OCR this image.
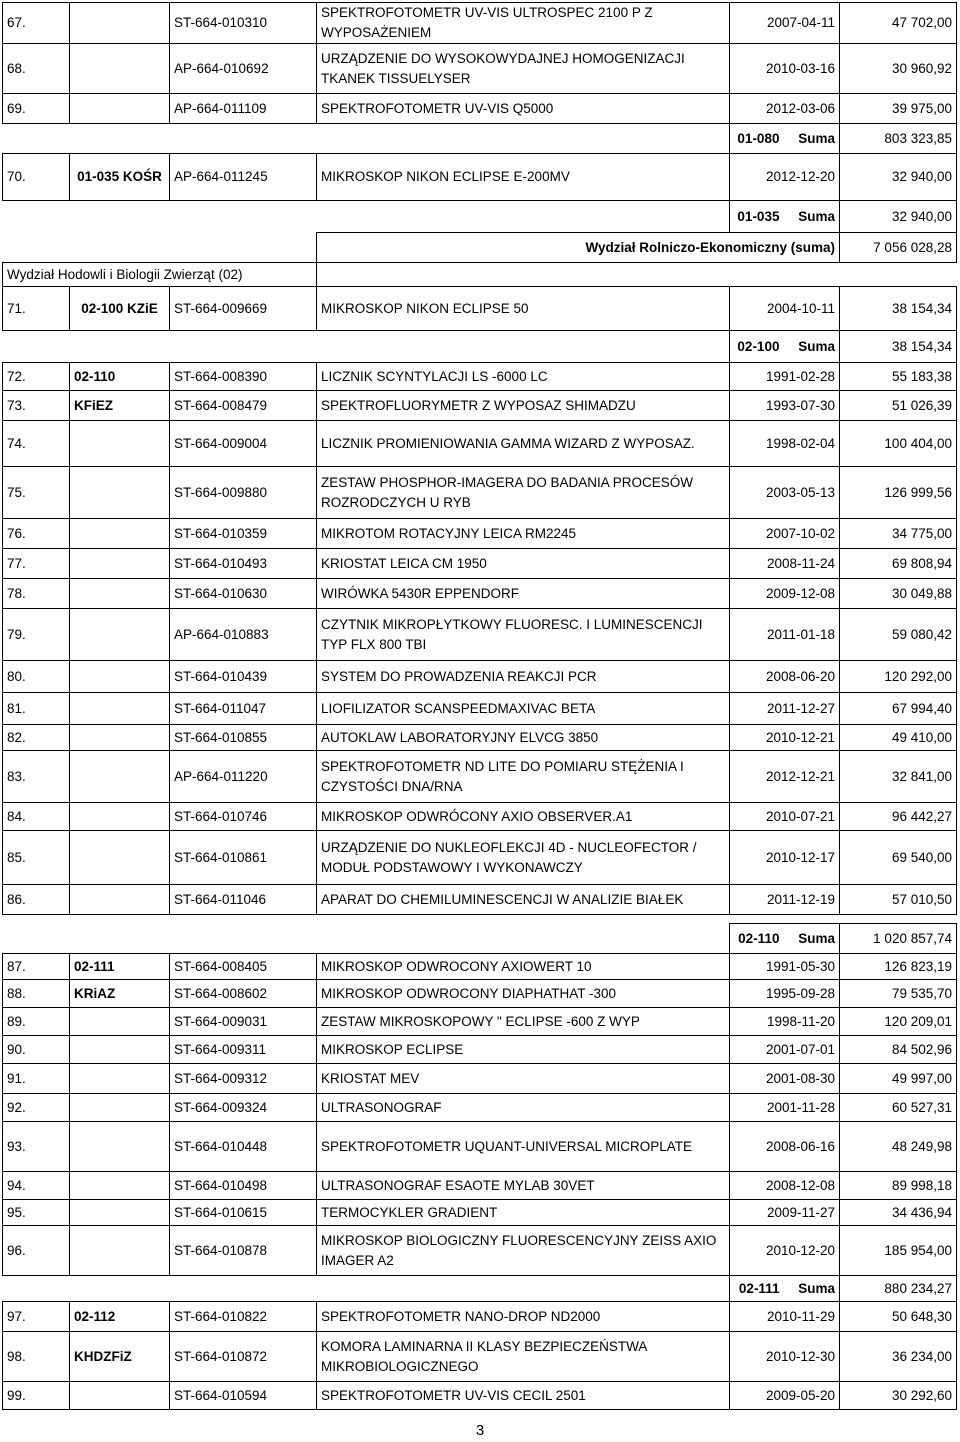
67.		ST-664-010310	SPEKTROFOTOMETR UV-VIS ULTROSPEC 2100 P Z WYPOSAŻENIEM	2007-04-11	47 702,00
68.		AP-664-010692	URZĄDZENIE DO WYSOKOWYDAJNEJ HOMOGENIZACJI TKANEK TISSUELYSER	2010-03-16	30 960,92
69.		AP-664-011109	SPEKTROFOTOMETR UV-VIS Q5000	2012-03-06	39 975,00
				01-080 Suma	803 323,85
70.	01-035 KOŚR	AP-664-011245	MIKROSKOP NIKON ECLIPSE E-200MV	2012-12-20	32 940,00
				01-035 Suma	32 940,00
			Wydział Rolniczo-Ekonomiczny (suma)		7 056 028,28
Wydział Hodowli i Biologii Zwierząt (02)					
71.	02-100 KZiE	ST-664-009669	MIKROSKOP NIKON ECLIPSE 50	2004-10-11	38 154,34
				02-100 Suma	38 154,34
72.	02-110	ST-664-008390	LICZNIK SCYNTYLACJI LS -6000 LC	1991-02-28	55 183,38
73.	KFiEZ	ST-664-008479	SPEKTROFLUORYMETR Z WYPOSAZ SHIMADZU	1993-07-30	51 026,39
74.		ST-664-009004	LICZNIK PROMIENIOWANIA GAMMA WIZARD Z WYPOSAZ.	1998-02-04	100 404,00
75.		ST-664-009880	ZESTAW PHOSPHOR-IMAGERA DO BADANIA PROCESÓW ROZRODCZYCH U RYB	2003-05-13	126 999,56
76.		ST-664-010359	MIKROTOM ROTACYJNY LEICA RM2245	2007-10-02	34 775,00
77.		ST-664-010493	KRIOSTAT LEICA CM 1950	2008-11-24	69 808,94
78.		ST-664-010630	WIRÓWKA 5430R EPPENDORF	2009-12-08	30 049,88
79.		AP-664-010883	CZYTNIK MIKROPŁYTKOWY FLUORESC. I LUMINESCENCJI TYP FLX 800 TBI	2011-01-18	59 080,42
80.		ST-664-010439	SYSTEM DO PROWADZENIA REAKCJI PCR	2008-06-20	120 292,00
81.		ST-664-011047	LIOFILIZATOR SCANSPEEDMAXIVAC BETA	2011-12-27	67 994,40
82.		ST-664-010855	AUTOKLAW LABORATORYJNY ELVCG 3850	2010-12-21	49 410,00
83.		AP-664-011220	SPEKTROFOTOMETR ND LITE DO POMIARU STĘŻENIA I CZYSTOŚCI DNA/RNA	2012-12-21	32 841,00
84.		ST-664-010746	MIKROSKOP ODWRÓCONY AXIO OBSERVER.A1	2010-07-21	96 442,27
85.		ST-664-010861	URZĄDZENIE DO NUKLEOFLEKCJI 4D - NUCLEOFECTOR / MODUŁ PODSTAWOWY I WYKONAWCZY	2010-12-17	69 540,00
86.		ST-664-011046	APARAT DO CHEMILUMINESCENCJI W ANALIZIE BIAŁEK	2011-12-19	57 010,50

				02-110 Suma	1 020 857,74
87.	02-111	ST-664-008405	MIKROSKOP ODWROCONY AXIOWERT 10	1991-05-30	126 823,19
88.	KRiAZ	ST-664-008602	MIKROSKOP ODWROCONY DIAPHATHAT -300	1995-09-28	79 535,70
89.		ST-664-009031	ZESTAW MIKROSKOPOWY " ECLIPSE -600 Z WYP	1998-11-20	120 209,01
90.		ST-664-009311	MIKROSKOP ECLIPSE	2001-07-01	84 502,96
91.		ST-664-009312	KRIOSTAT MEV	2001-08-30	49 997,00
92.		ST-664-009324	ULTRASONOGRAF	2001-11-28	60 527,31
93.		ST-664-010448	SPEKTROFOTOMETR UQUANT-UNIVERSAL MICROPLATE	2008-06-16	48 249,98
94.		ST-664-010498	ULTRASONOGRAF ESAOTE MYLAB 30VET	2008-12-08	89 998,18
95.		ST-664-010615	TERMOCYKLER GRADIENT	2009-11-27	34 436,94
96.		ST-664-010878	MIKROSKOP BIOLOGICZNY FLUORESCENCYJNY ZEISS AXIO IMAGER A2	2010-12-20	185 954,00
				02-111 Suma	880 234,27
97.	02-112	ST-664-010822	SPEKTROFOTOMETR NANO-DROP ND2000	2010-11-29	50 648,30
98.	KHDZFiZ	ST-664-010872	KOMORA LAMINARNA II KLASY BEZPIECZEŃSTWA MIKROBIOLOGICZNEGO	2010-12-30	36 234,00
99.		ST-664-010594	SPEKTROFOTOMETR UV-VIS CECIL 2501	2009-05-20	30 292,60
3
